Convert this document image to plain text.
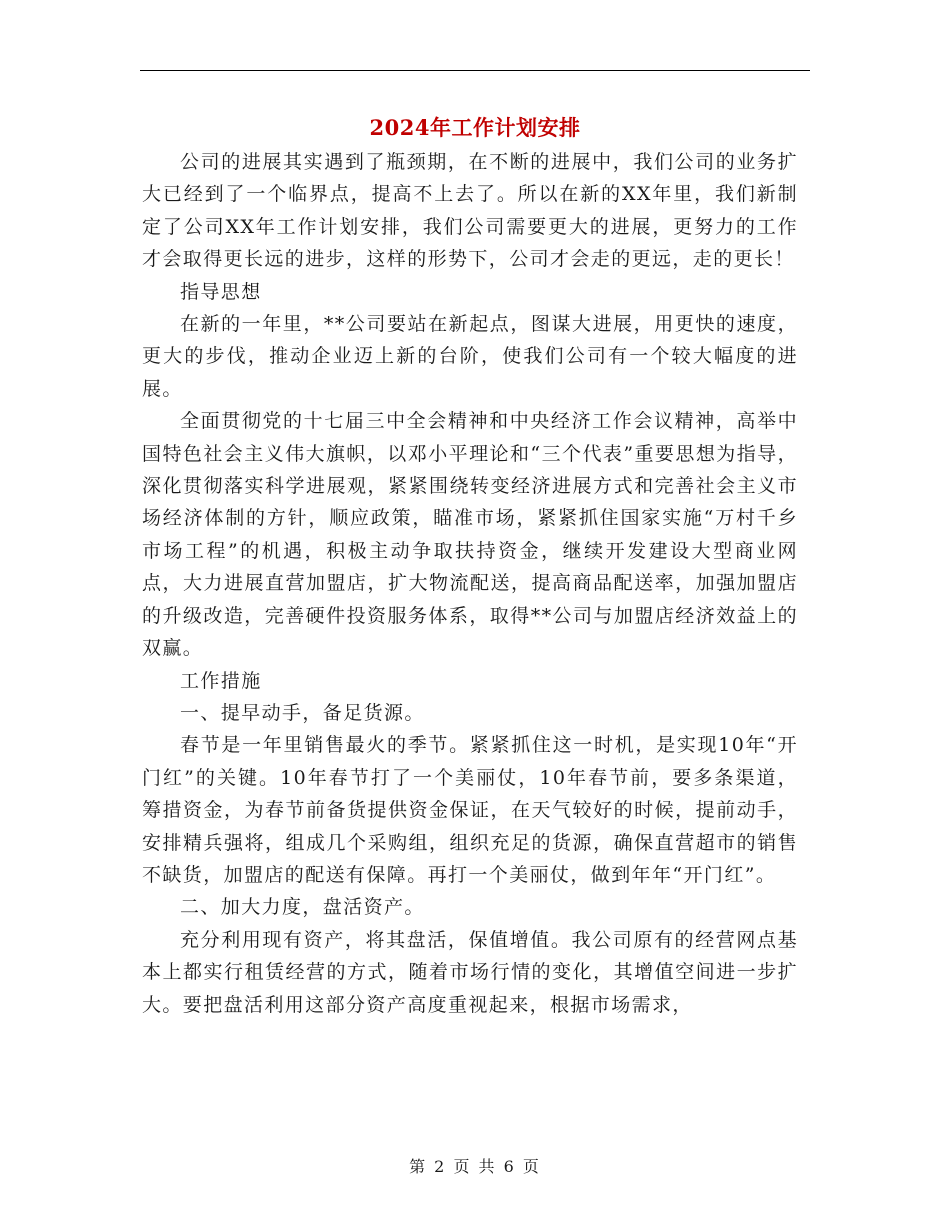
2024年工作计划安排

公司的进展其实遇到了瓶颈期，在不断的进展中，我们公司的业务扩大已经到了一个临界点，提高不上去了。所以在新的XX年里，我们新制定了公司XX年工作计划安排，我们公司需要更大的进展，更努力的工作才会取得更长远的进步，这样的形势下，公司才会走的更远，走的更长！

指导思想

在新的一年里，**公司要站在新起点，图谋大进展，用更快的速度，更大的步伐，推动企业迈上新的台阶，使我们公司有一个较大幅度的进展。

全面贯彻党的十七届三中全会精神和中央经济工作会议精神，高举中国特色社会主义伟大旗帜，以邓小平理论和“三个代表”重要思想为指导，深化贯彻落实科学进展观，紧紧围绕转变经济进展方式和完善社会主义市场经济体制的方针，顺应政策，瞄准市场，紧紧抓住国家实施“万村千乡市场工程”的机遇，积极主动争取扶持资金，继续开发建设大型商业网点，大力进展直营加盟店，扩大物流配送，提高商品配送率，加强加盟店的升级改造，完善硬件投资服务体系，取得**公司与加盟店经济效益上的双赢。

工作措施

一、提早动手，备足货源。

春节是一年里销售最火的季节。紧紧抓住这一时机，是实现10年“开门红”的关键。10年春节打了一个美丽仗，10年春节前，要多条渠道，筹措资金，为春节前备货提供资金保证，在天气较好的时候，提前动手，安排精兵强将，组成几个采购组，组织充足的货源，确保直营超市的销售不缺货，加盟店的配送有保障。再打一个美丽仗，做到年年“开门红”。

二、加大力度，盘活资产。

充分利用现有资产，将其盘活，保值增值。我公司原有的经营网点基本上都实行租赁经营的方式，随着市场行情的变化，其增值空间进一步扩大。要把盘活利用这部分资产高度重视起来，根据市场需求，

第 2 页 共 6 页
